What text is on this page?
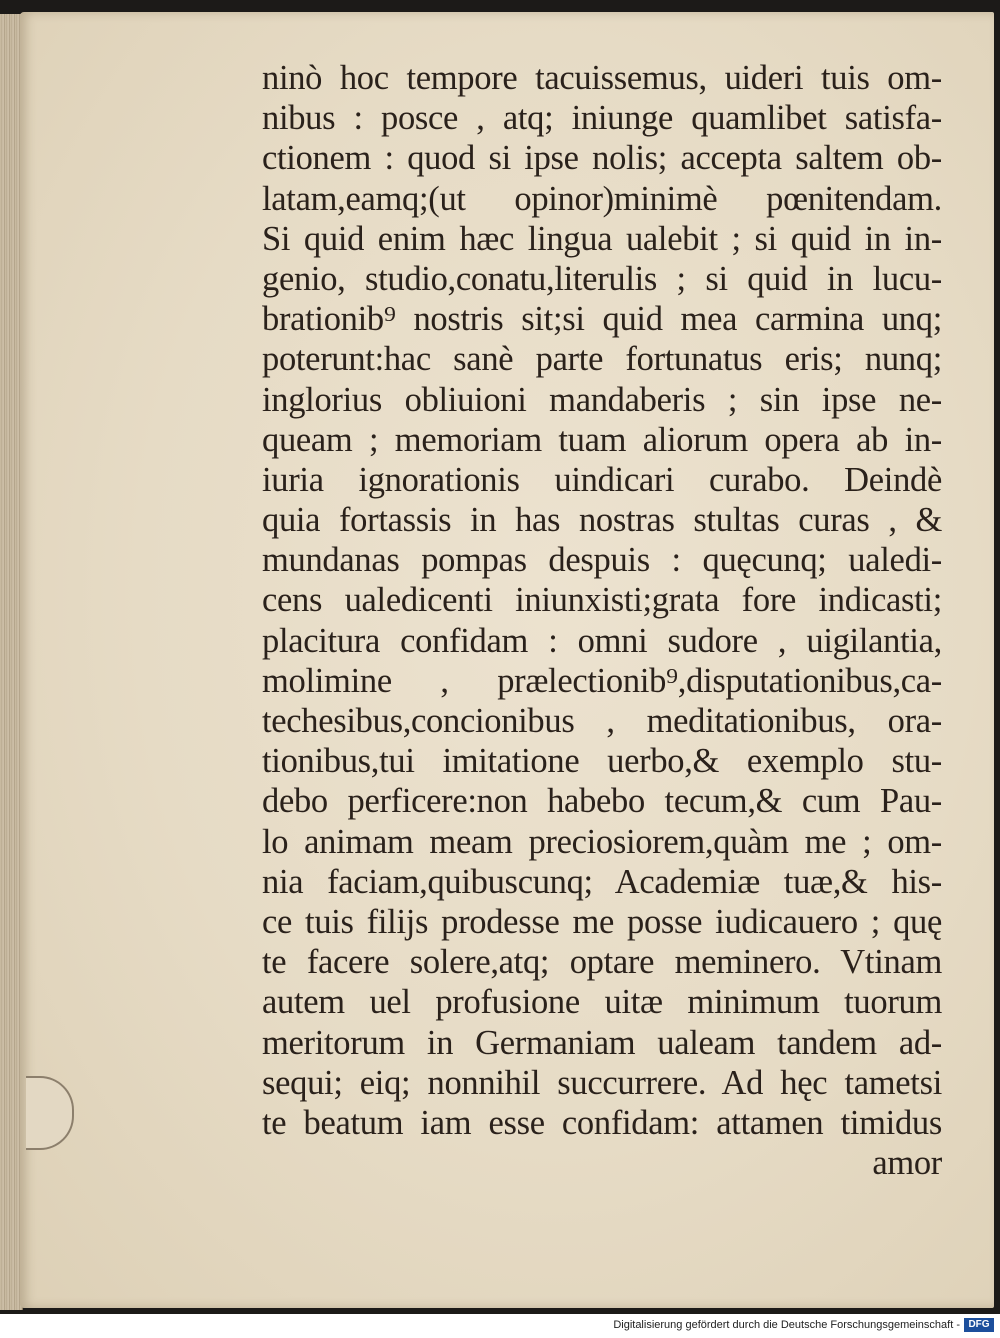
ninò hoc tempore tacuissemus, uideri tuis om-
nibus : posce , atq; iniunge quamlibet satisfa-
ctionem : quod si ipse nolis; accepta saltem ob-
latam,eamq;(ut opinor)minimè pœnitendam.
Si quid enim hæc lingua ualebit ; si quid in in-
genio, studio,conatu,literulis ; si quid in lucu-
brationib⁹ nostris sit;si quid mea carmina unq;
poterunt:hac sanè parte fortunatus eris; nunq;
inglorius obliuioni mandaberis ; sin ipse ne-
queam ; memoriam tuam aliorum opera ab in-
iuria ignorationis uindicari curabo. Deindè
quia fortassis in has nostras stultas curas , &
mundanas pompas despuis : quęcunq; ualedi-
cens ualedicenti iniunxisti;grata fore indicasti;
placitura confidam : omni sudore , uigilantia,
molimine , prælectionib⁹,disputationibus,ca-
techesibus,concionibus , meditationibus, ora-
tionibus,tui imitatione uerbo,& exemplo stu-
debo perficere:non habebo tecum,& cum Pau-
lo animam meam preciosiorem,quàm me ; om-
nia faciam,quibuscunq; Academiæ tuæ,& his-
ce tuis filijs prodesse me posse iudicauero ; quę
te facere solere,atq; optare meminero. Vtinam
autem uel profusione uitæ minimum tuorum
meritorum in Germaniam ualeam tandem ad-
sequi; eiq; nonnihil succurrere. Ad hęc tametsi
te beatum iam esse confidam: attamen timidus
amor
Digitalisierung gefördert durch die Deutsche Forschungsgemeinschaft - DFG
